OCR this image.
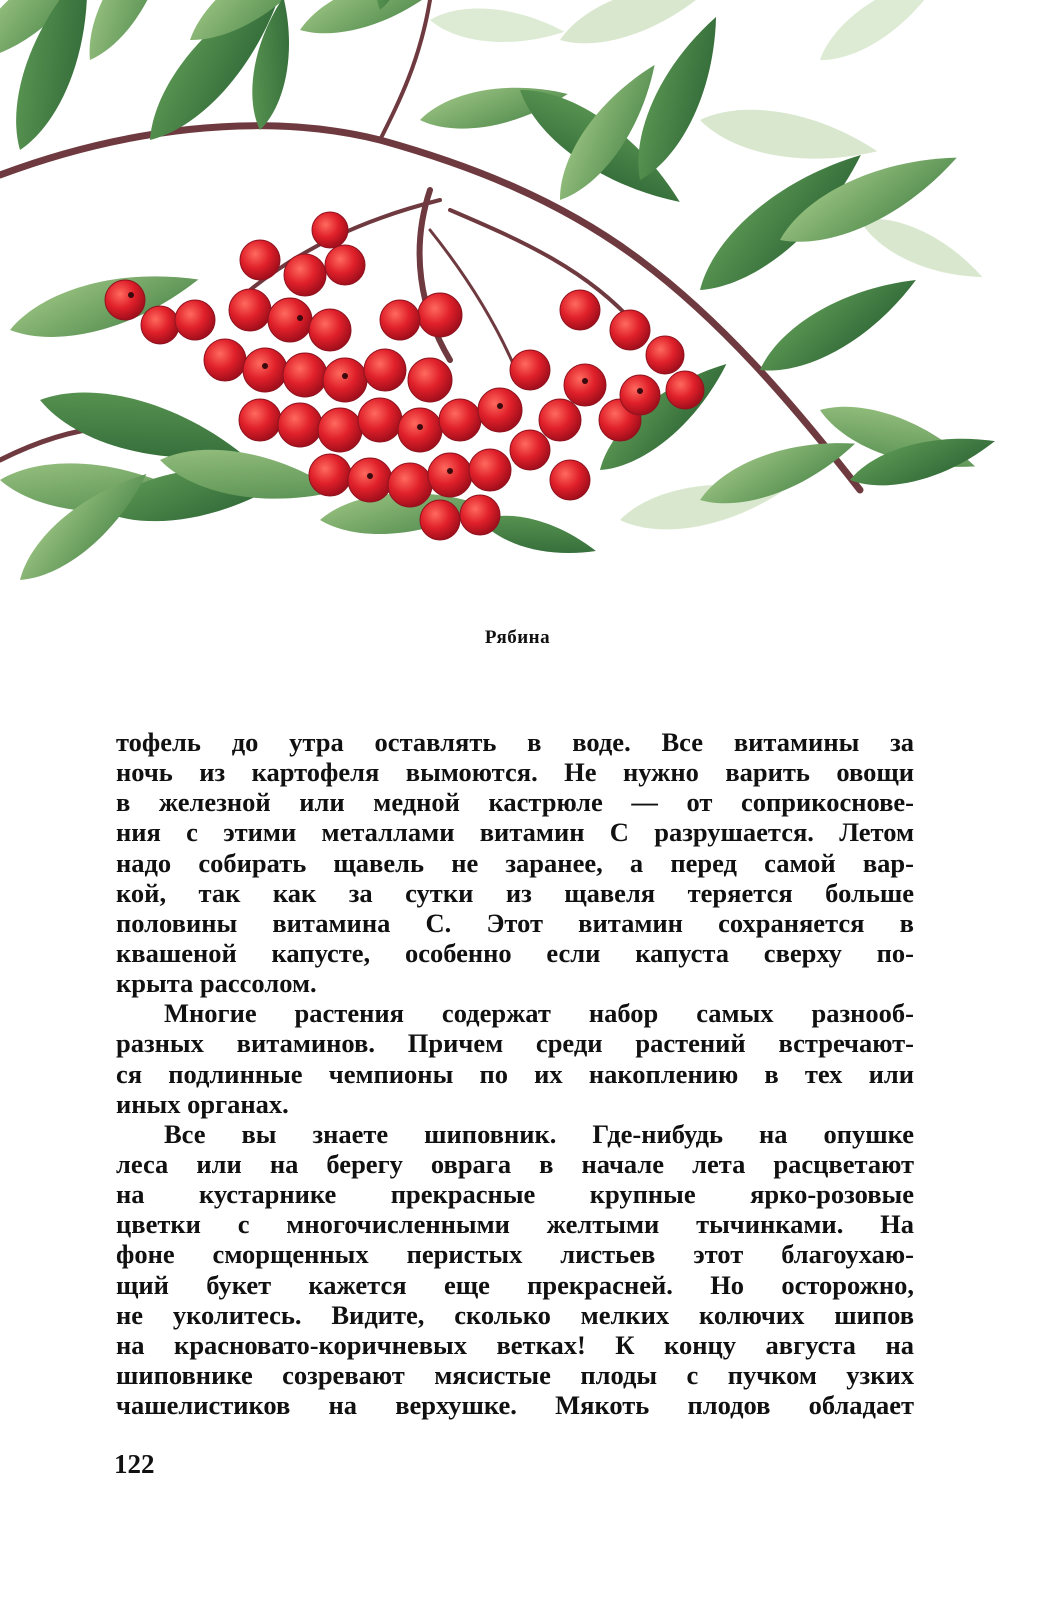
Рябина
тофель до утра оставлять в воде. Все витамины за
ночь из картофеля вымоются. Не нужно варить овощи
в железной или медной кастрюле — от соприкоснове-
ния с этими металлами витамин С разрушается. Летом
надо собирать щавель не заранее, а перед самой вар-
кой, так как за сутки из щавеля теряется больше
половины витамина С. Этот витамин сохраняется в
квашеной капусте, особенно если капуста сверху по-
крыта рассолом.
Многие растения содержат набор самых разнооб-
разных витаминов. Причем среди растений встречают-
ся подлинные чемпионы по их накоплению в тех или
иных органах.
Все вы знаете шиповник. Где-нибудь на опушке
леса или на берегу оврага в начале лета расцветают
на кустарнике прекрасные крупные ярко-розовые
цветки с многочисленными желтыми тычинками. На
фоне сморщенных перистых листьев этот благоухаю-
щий букет кажется еще прекрасней. Но осторожно,
не уколитесь. Видите, сколько мелких колючих шипов
на красновато-коричневых ветках! К концу августа на
шиповнике созревают мясистые плоды с пучком узких
чашелистиков на верхушке. Мякоть плодов обладает
122
